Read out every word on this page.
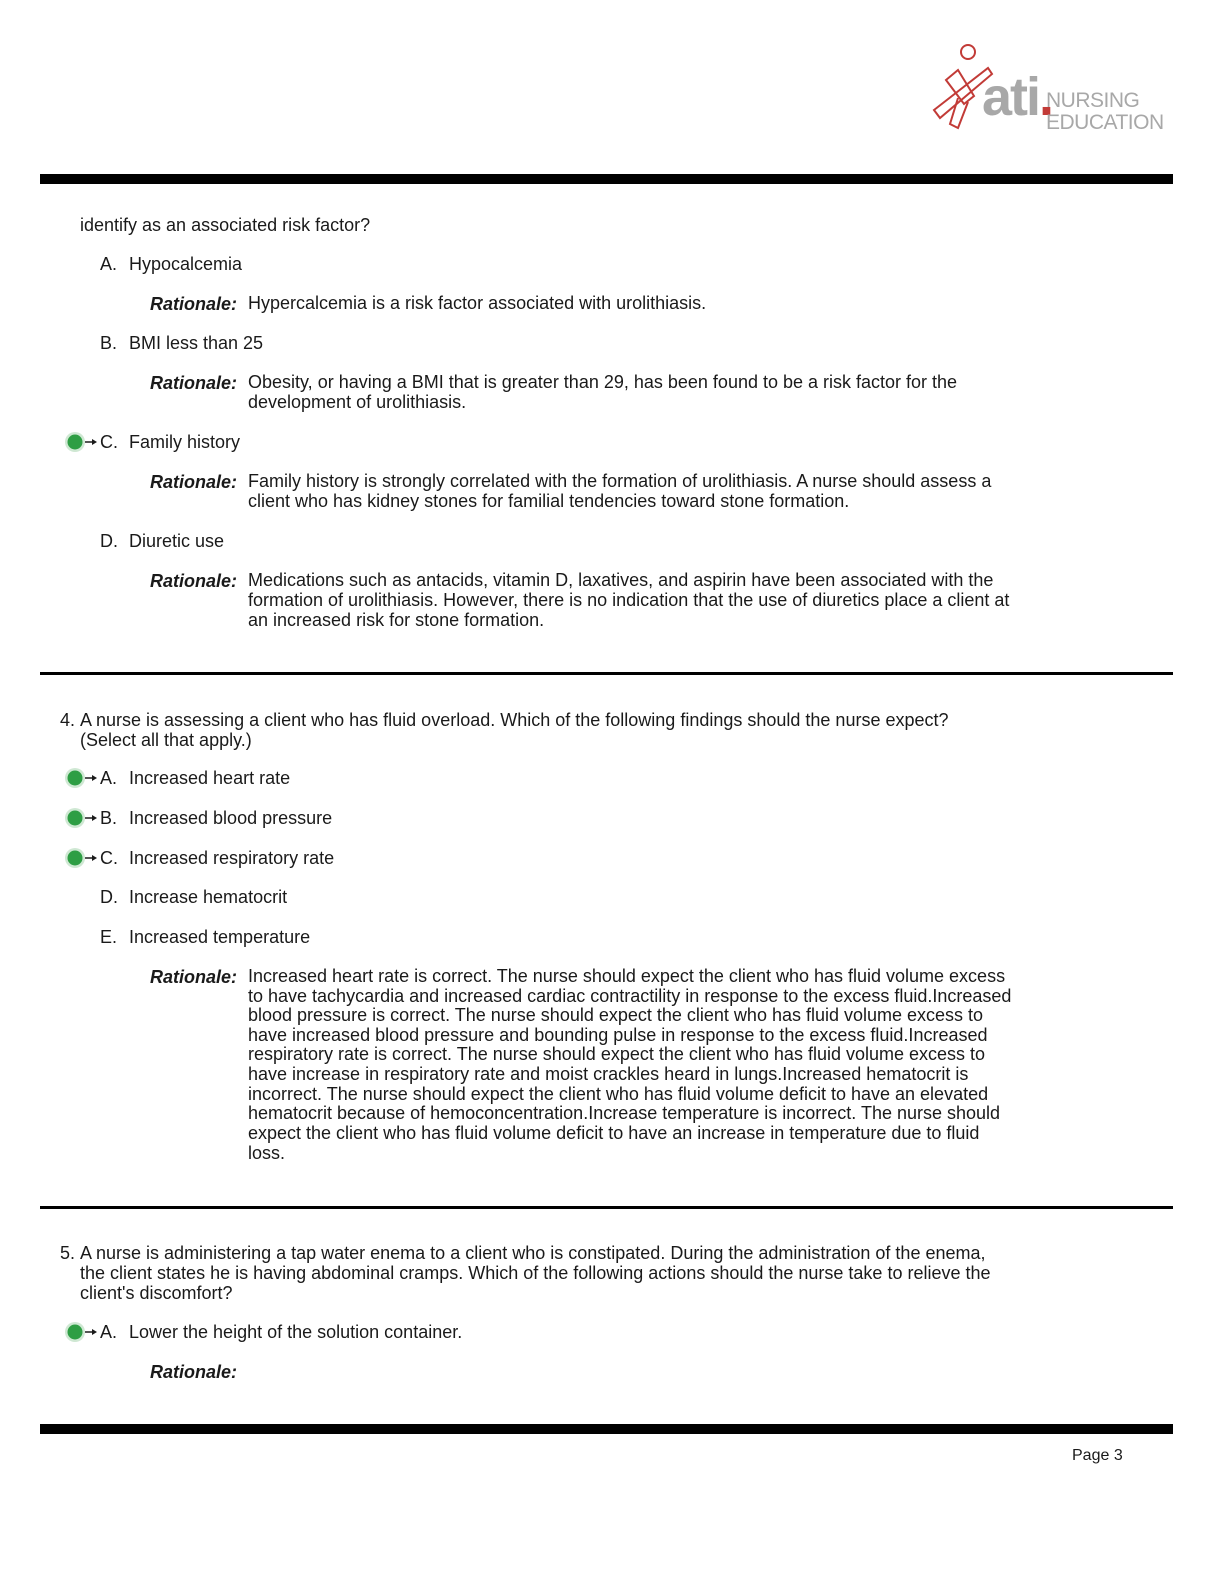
ati.
NURSING
EDUCATION
identify as an associated risk factor?
A. Hypocalcemia
Rationale: Hypercalcemia is a risk factor associated with urolithiasis.
B. BMI less than 25
Rationale: Obesity, or having a BMI that is greater than 29, has been found to be a risk factor for the
development of urolithiasis.
C. Family history
Rationale: Family history is strongly correlated with the formation of urolithiasis. A nurse should assess a
client who has kidney stones for familial tendencies toward stone formation.
D. Diuretic use
Rationale: Medications such as antacids, vitamin D, laxatives, and aspirin have been associated with the
formation of urolithiasis. However, there is no indication that the use of diuretics place a client at
an increased risk for stone formation.
4. A nurse is assessing a client who has fluid overload. Which of the following findings should the nurse expect?
(Select all that apply.)
A. Increased heart rate
B. Increased blood pressure
C. Increased respiratory rate
D. Increase hematocrit
E. Increased temperature
Rationale: Increased heart rate is correct. The nurse should expect the client who has fluid volume excess
to have tachycardia and increased cardiac contractility in response to the excess fluid.Increased
blood pressure is correct. The nurse should expect the client who has fluid volume excess to
have increased blood pressure and bounding pulse in response to the excess fluid.Increased
respiratory rate is correct. The nurse should expect the client who has fluid volume excess to
have increase in respiratory rate and moist crackles heard in lungs.Increased hematocrit is
incorrect. The nurse should expect the client who has fluid volume deficit to have an elevated
hematocrit because of hemoconcentration.Increase temperature is incorrect. The nurse should
expect the client who has fluid volume deficit to have an increase in temperature due to fluid
loss.
5. A nurse is administering a tap water enema to a client who is constipated. During the administration of the enema,
the client states he is having abdominal cramps. Which of the following actions should the nurse take to relieve the
client's discomfort?
A. Lower the height of the solution container.
Rationale:
Page 3
